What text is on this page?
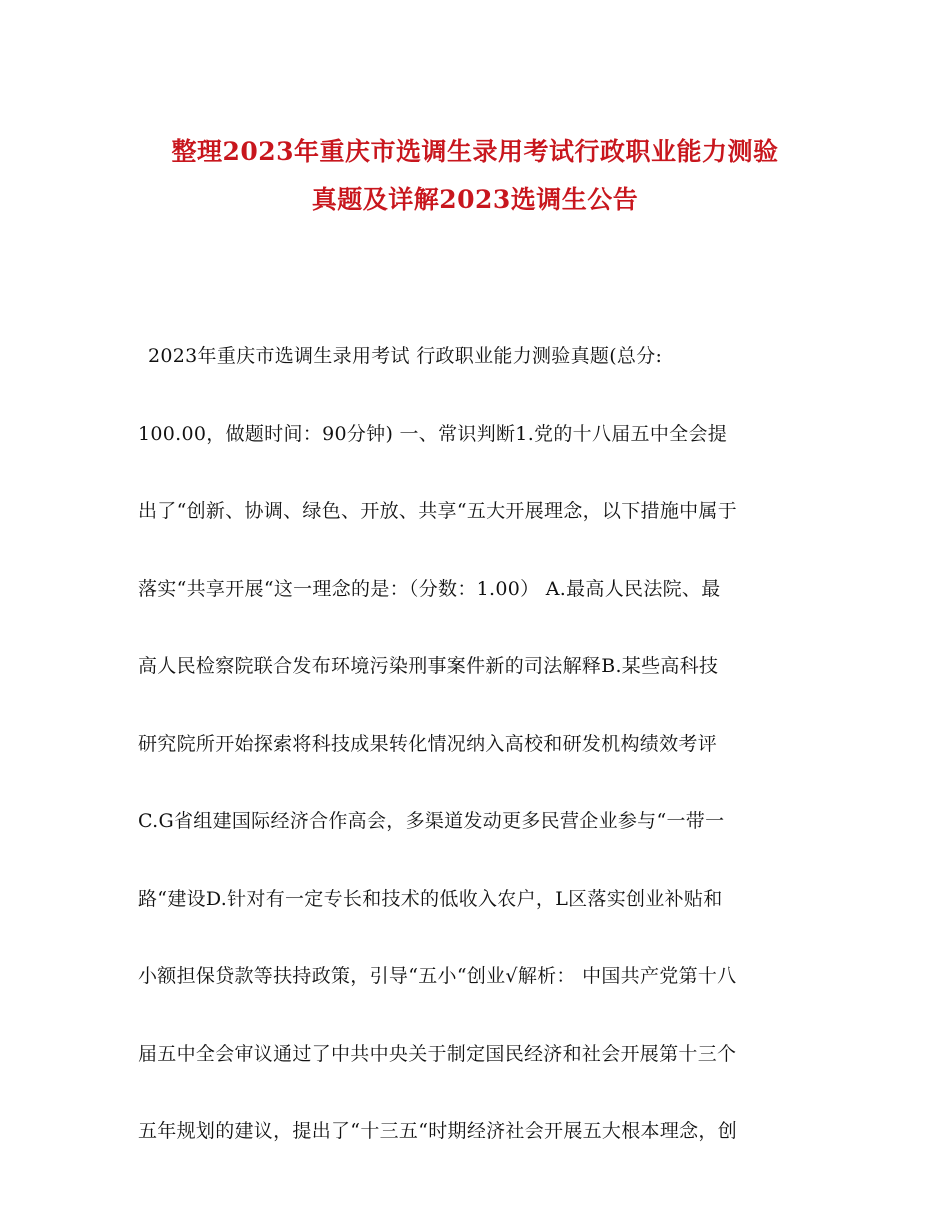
整理2023年重庆市选调生录用考试行政职业能力测验
真题及详解2023选调生公告
2023年重庆市选调生录用考试 行政职业能力测验真题(总分:
100.00，做题时间：90分钟) 一、常识判断1.党的十八届五中全会提
出了“创新、协调、绿色、开放、共享“五大开展理念，以下措施中属于
落实“共享开展“这一理念的是：（分数：1.00） A.最高人民法院、最
高人民检察院联合发布环境污染刑事案件新的司法解释B.某些高科技
研究院所开始探索将科技成果转化情况纳入高校和研发机构绩效考评
C.G省组建国际经济合作高会，多渠道发动更多民营企业参与“一带一
路“建设D.针对有一定专长和技术的低收入农户，L区落实创业补贴和
小额担保贷款等扶持政策，引导“五小“创业√解析： 中国共产党第十八
届五中全会审议通过了中共中央关于制定国民经济和社会开展第十三个
五年规划的建议，提出了“十三五“时期经济社会开展五大根本理念，创
